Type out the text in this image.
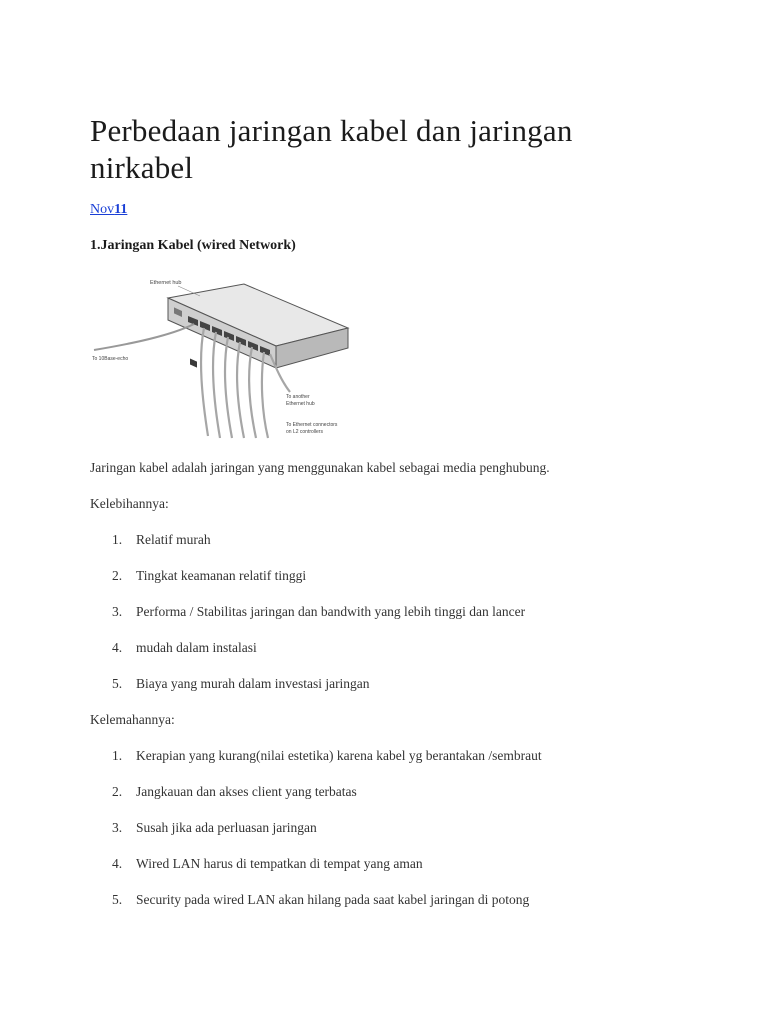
Perbedaan jaringan kabel dan jaringan nirkabel
Nov11

1.Jaringan Kabel (wired Network)

Ethernet hub
To 10Base-echo
To another
Ethernet hub
To Ethernet connectors
on L2 controllers

Jaringan kabel adalah jaringan yang menggunakan kabel sebagai media penghubung.

Kelebihannya:

1.	Relatif murah
2.	Tingkat keamanan relatif tinggi
3.	Performa / Stabilitas jaringan dan bandwith yang lebih tinggi dan lancer
4.	mudah dalam instalasi
5.	Biaya yang murah dalam investasi jaringan

Kelemahannya:

1.	Kerapian yang kurang(nilai estetika) karena kabel yg berantakan /sembraut
2.	Jangkauan dan akses client yang terbatas
3.	Susah jika ada perluasan jaringan
4.	Wired LAN harus di tempatkan di tempat yang aman
5.	Security pada wired LAN akan hilang pada saat kabel jaringan di potong
